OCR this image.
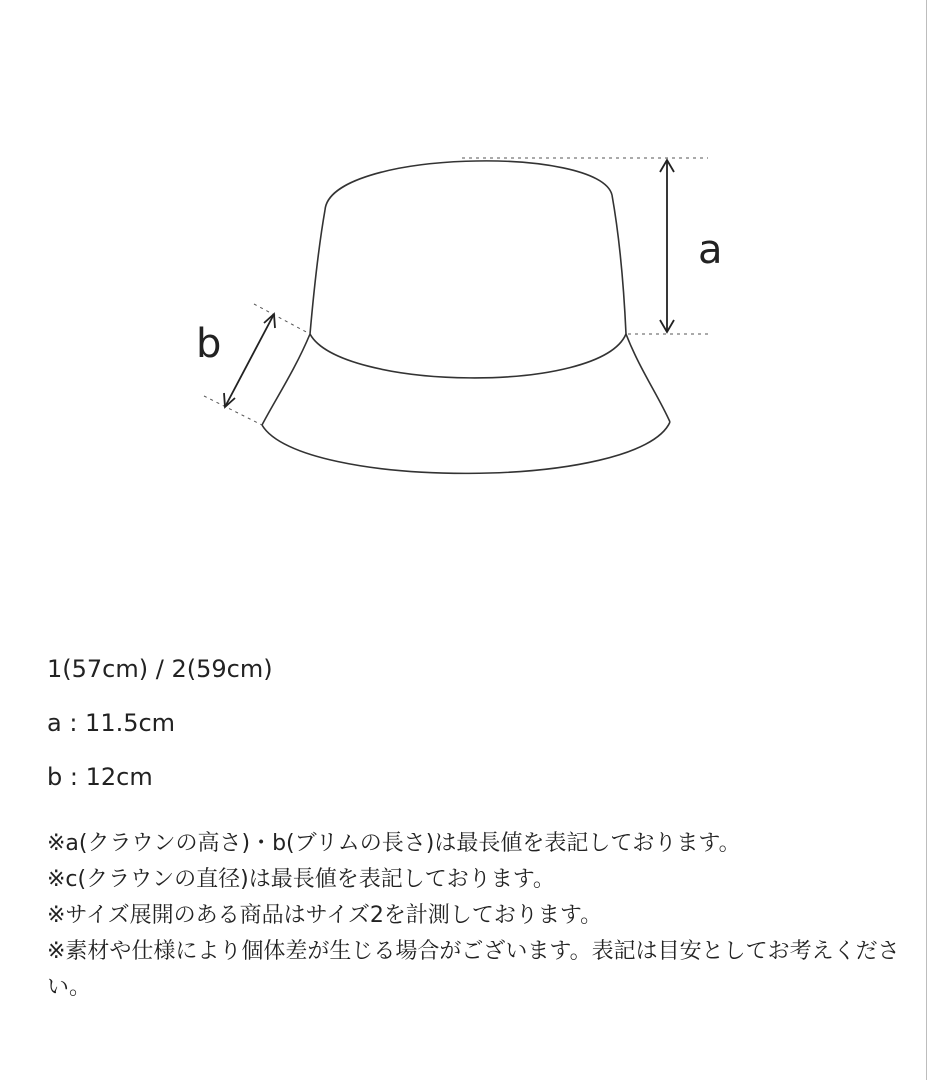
a
b
1(57cm) / 2(59cm)
a : 11.5cm
b : 12cm

※a(クラウンの高さ)・b(ブリムの長さ)は最長値を表記しております。

※c(クラウンの直径)は最長値を表記しております。

※サイズ展開のある商品はサイズ2を計測しております。

※素材や仕様により個体差が生じる場合がございます。表記は目安としてお考えください。
